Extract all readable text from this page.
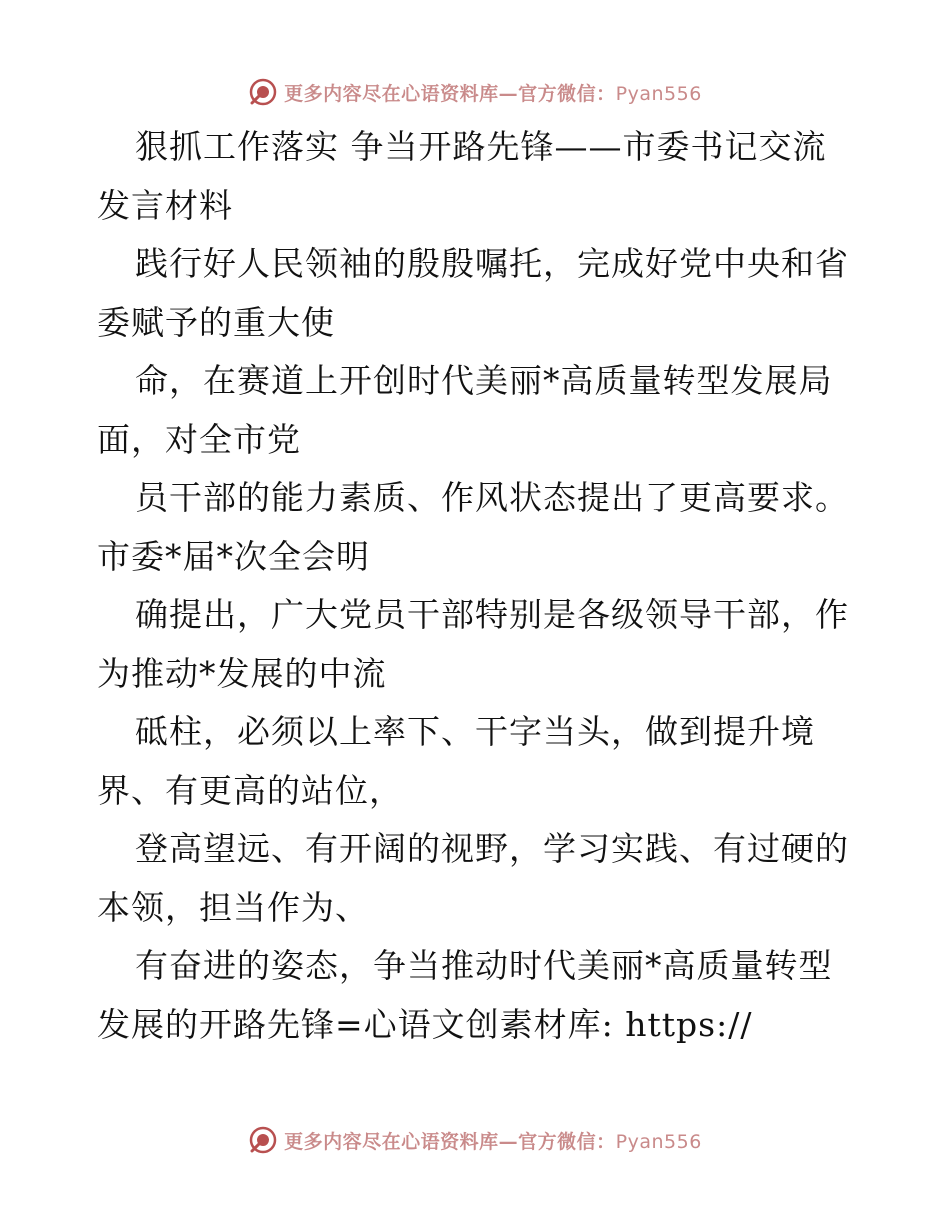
更多内容尽在心语资料库—官方微信：Pyan556
狠抓工作落实 争当开路先锋——市委书记交流
发言材料
践行好人民领袖的殷殷嘱托，完成好党中央和省
委赋予的重大使
命，在赛道上开创时代美丽*高质量转型发展局
面，对全市党
员干部的能力素质、作风状态提出了更高要求。
市委*届*次全会明
确提出，广大党员干部特别是各级领导干部，作
为推动*发展的中流
砥柱，必须以上率下、干字当头，做到提升境
界、有更高的站位，
登高望远、有开阔的视野，学习实践、有过硬的
本领，担当作为、
有奋进的姿态，争当推动时代美丽*高质量转型
发展的开路先锋=心语文创素材库: https://
更多内容尽在心语资料库—官方微信：Pyan556
